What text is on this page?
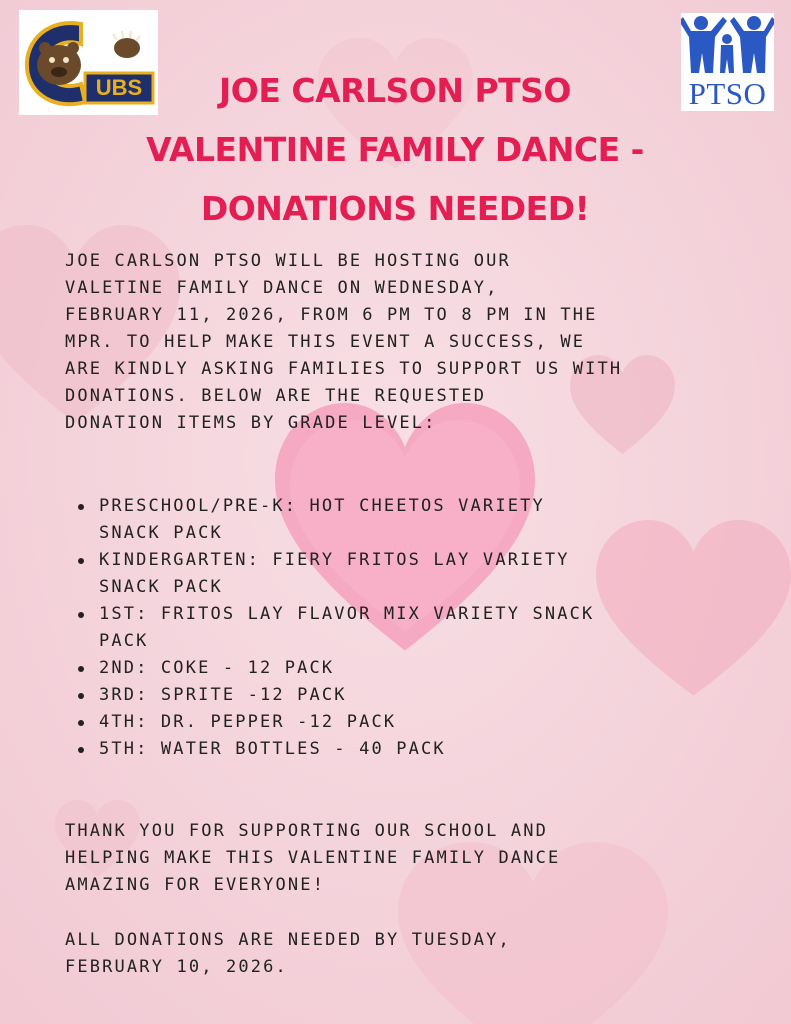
UBS	PTSO
JOE CARLSON PTSO
VALENTINE FAMILY DANCE -
DONATIONS NEEDED!

JOE CARLSON PTSO WILL BE HOSTING OUR
VALETINE FAMILY DANCE ON WEDNESDAY,
FEBRUARY 11, 2026, FROM 6 PM TO 8 PM IN THE
MPR. TO HELP MAKE THIS EVENT A SUCCESS, WE
ARE KINDLY ASKING FAMILIES TO SUPPORT US WITH
DONATIONS. BELOW ARE THE REQUESTED
DONATION ITEMS BY GRADE LEVEL:

PRESCHOOL/PRE-K: HOT CHEETOS VARIETY
SNACK PACK
KINDERGARTEN: FIERY FRITOS LAY VARIETY
SNACK PACK
1ST: FRITOS LAY FLAVOR MIX VARIETY SNACK
PACK
2ND: COKE - 12 PACK
3RD: SPRITE -12 PACK
4TH: DR. PEPPER -12 PACK
5TH: WATER BOTTLES - 40 PACK

THANK YOU FOR SUPPORTING OUR SCHOOL AND
HELPING MAKE THIS VALENTINE FAMILY DANCE
AMAZING FOR EVERYONE!

ALL DONATIONS ARE NEEDED BY TUESDAY,
FEBRUARY 10, 2026.
